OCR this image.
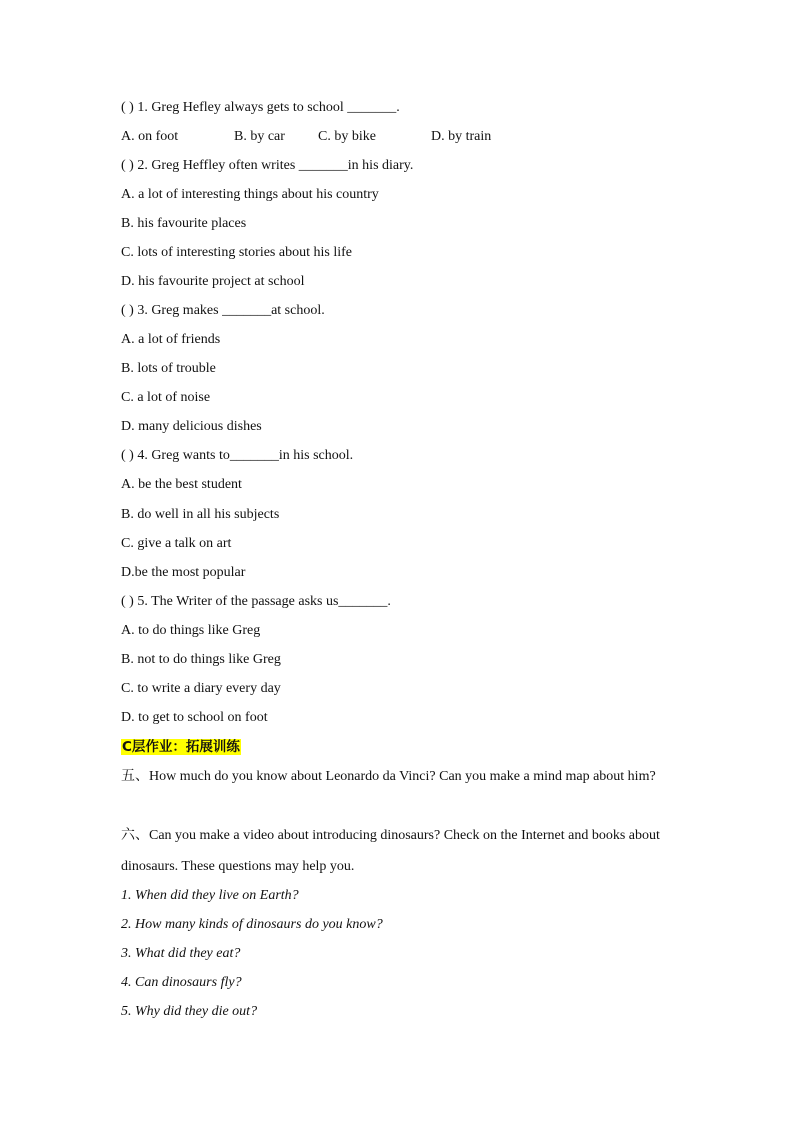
( ) 1. Greg Hefley always gets to school _______.
A. on foot	B. by car C. by bike	D. by train
( ) 2. Greg Heffley often writes _______in his diary.
A. a lot of interesting things about his country
B. his favourite places
C. lots of interesting stories about his life
D. his favourite project at school
( ) 3. Greg makes _______at school.
A. a lot of friends
B. lots of trouble
C. a lot of noise
D. many delicious dishes
( ) 4. Greg wants to_______in his school.
A. be the best student
B. do well in all his subjects
C. give a talk on art
D.be the most popular
( ) 5. The Writer of the passage asks us_______.
A. to do things like Greg
B. not to do things like Greg
C. to write a diary every day
D. to get to school on foot
C层作业：拓展训练
五、How much do you know about Leonardo da Vinci? Can you make a mind map about him?
六、Can you make a video about introducing dinosaurs? Check on the Internet and books about
dinosaurs. These questions may help you.
1. When did they live on Earth?
2. How many kinds of dinosaurs do you know?
3. What did they eat?
4. Can dinosaurs fly?
5. Why did they die out?
